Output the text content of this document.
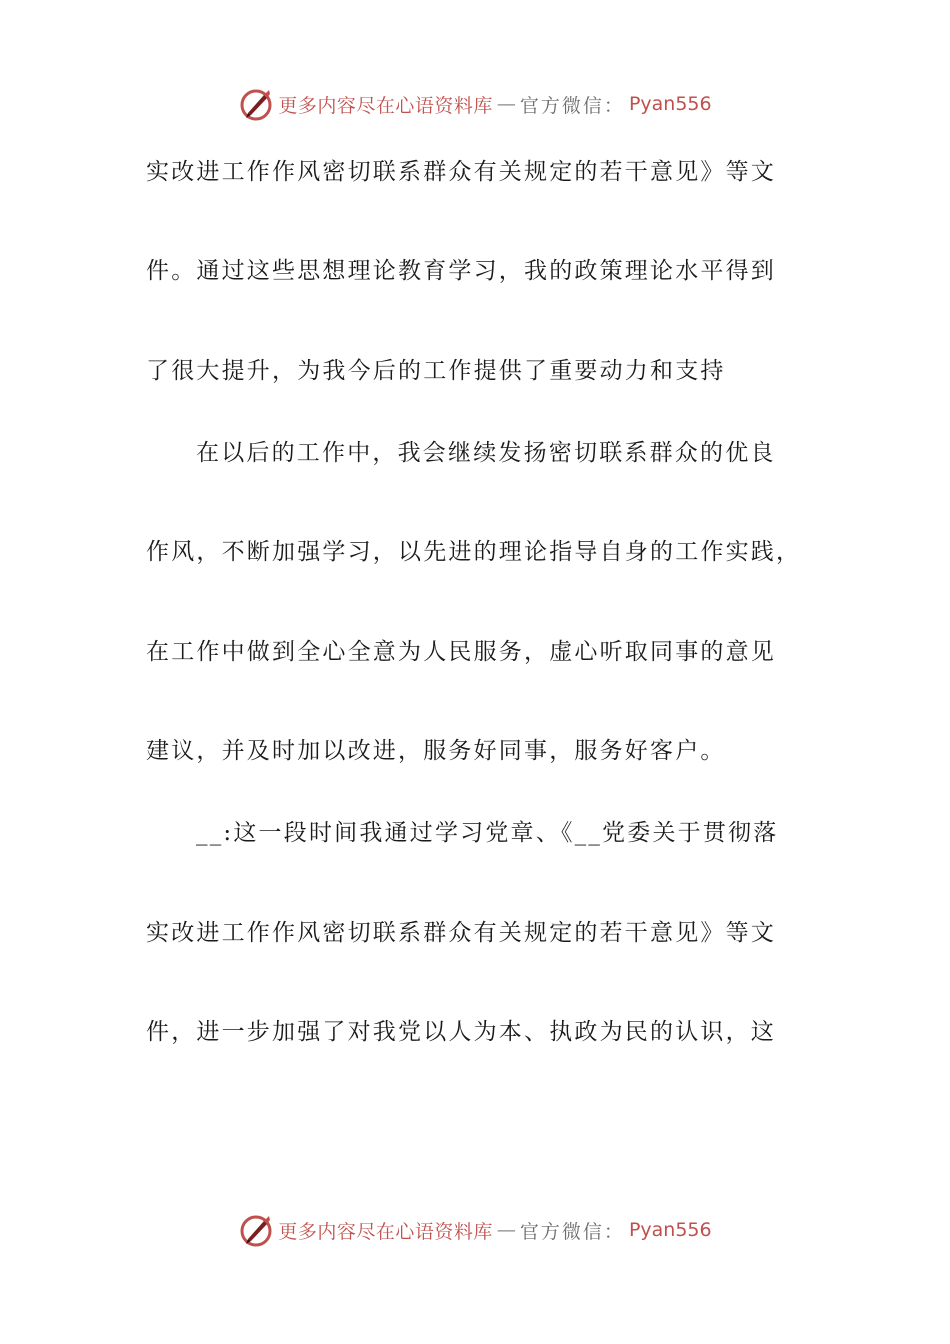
更多内容尽在心语资料库 — 官方微信： Pyan556
实改进工作作风密切联系群众有关规定的若干意见》等文
件。通过这些思想理论教育学习，我的政策理论水平得到
了很大提升，为我今后的工作提供了重要动力和支持
在以后的工作中，我会继续发扬密切联系群众的优良
作风，不断加强学习，以先进的理论指导自身的工作实践，
在工作中做到全心全意为人民服务，虚心听取同事的意见
建议，并及时加以改进，服务好同事，服务好客户。
__:这一段时间我通过学习党章、《__党委关于贯彻落
实改进工作作风密切联系群众有关规定的若干意见》等文
件，进一步加强了对我党以人为本、执政为民的认识，这
更多内容尽在心语资料库 — 官方微信： Pyan556
